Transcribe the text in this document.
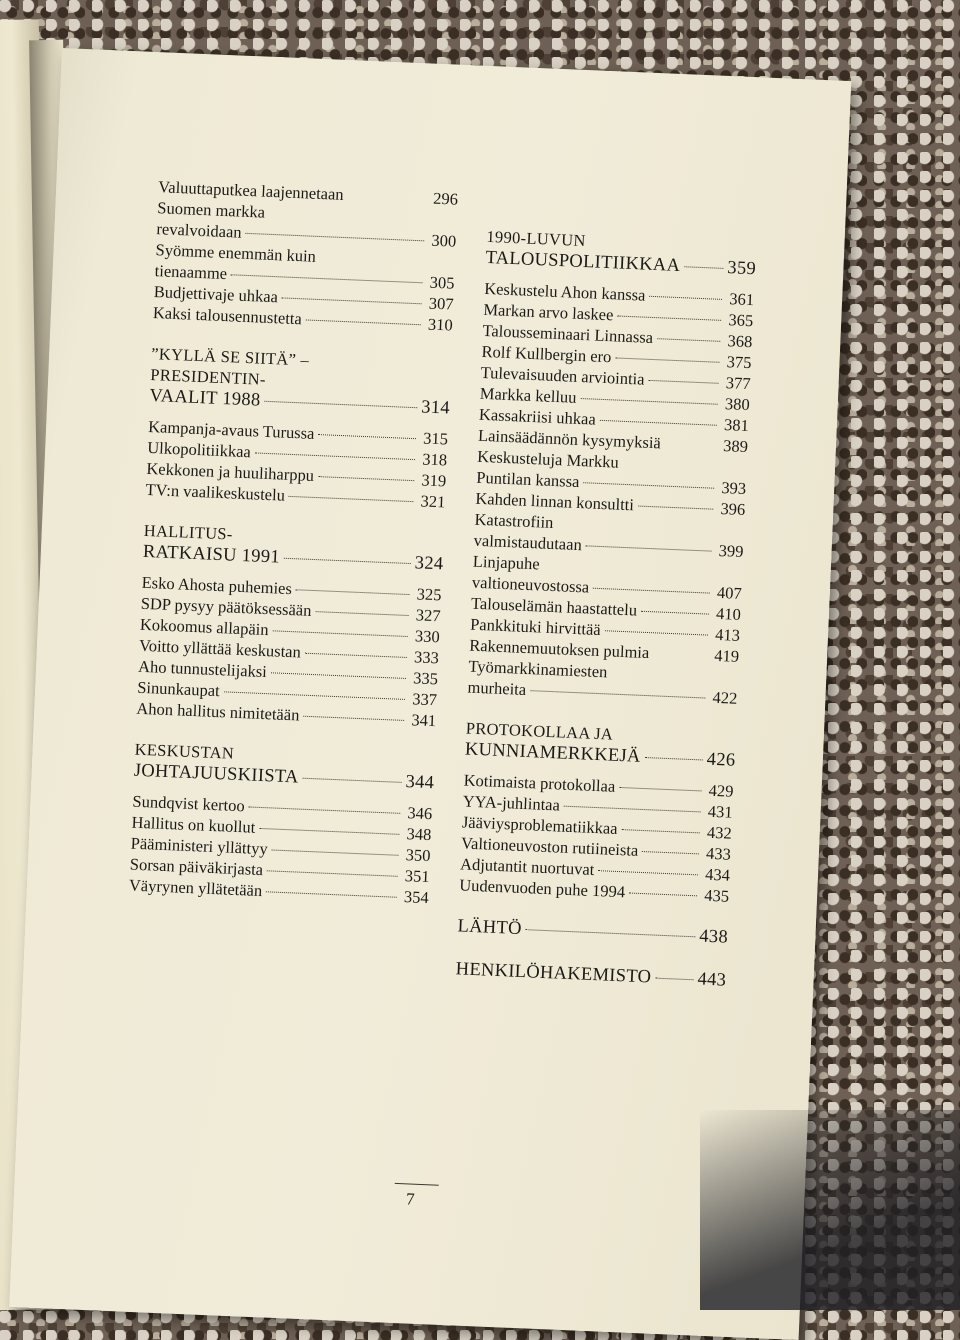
Valuuttaputkea laajennetaan	296
Suomen markka
revalvoidaan	300
Syömme enemmän kuin
tienaamme	305
Budjettivaje uhkaa	307
Kaksi talousennustetta	310
”KYLLÄ SE SIITÄ” –
PRESIDENTIN-
VAALIT 1988	314
Kampanja-avaus Turussa	315
Ulkopolitiikkaa	318
Kekkonen ja huuliharppu	319
TV:n vaalikeskustelu	321
HALLITUS-
RATKAISU 1991	324
Esko Ahosta puhemies	325
SDP pysyy päätöksessään	327
Kokoomus allapäin	330
Voitto yllättää keskustan	333
Aho tunnustelijaksi	335
Sinunkaupat	337
Ahon hallitus nimitetään	341
KESKUSTAN
JOHTAJUUSKIISTA	344
Sundqvist kertoo	346
Hallitus on kuollut	348
Pääministeri yllättyy	350
Sorsan päiväkirjasta	351
Väyrynen yllätetään	354
1990-LUVUN
TALOUSPOLITIIKKAA	359
Keskustelu Ahon kanssa	361
Markan arvo laskee	365
Talousseminaari Linnassa	368
Rolf Kullbergin ero	375
Tulevaisuuden arviointia	377
Markka kelluu	380
Kassakriisi uhkaa	381
Lainsäädännön kysymyksiä	389
Keskusteluja Markku
Puntilan kanssa	393
Kahden linnan konsultti	396
Katastrofiin
valmistaudutaan	399
Linjapuhe
valtioneuvostossa	407
Talouselämän haastattelu	410
Pankkituki hirvittää	413
Rakennemuutoksen pulmia	419
Työmarkkinamiesten
murheita	422
PROTOKOLLAA JA
KUNNIAMERKKEJÄ	426
Kotimaista protokollaa	429
YYA-juhlintaa	431
Jääviysproblematiikkaa	432
Valtioneuvoston rutiineista	433
Adjutantit nuortuvat	434
Uudenvuoden puhe 1994	435
LÄHTÖ	438
HENKILÖHAKEMISTO 443
7
